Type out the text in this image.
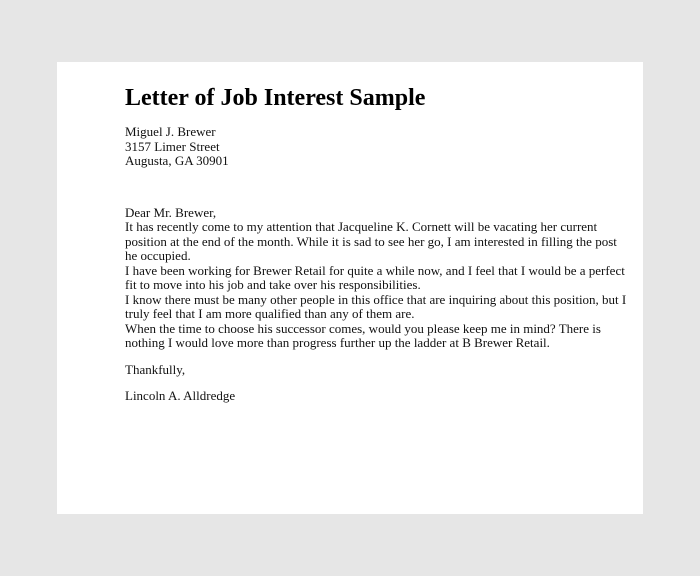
Letter of Job Interest Sample

Miguel J. Brewer

3157 Limer Street

Augusta, GA 30901

Dear Mr. Brewer,

It has recently come to my attention that Jacqueline K. Cornett will be vacating her current

position at the end of the month. While it is sad to see her go, I am interested in filling the post

he occupied.

I have been working for Brewer Retail for quite a while now, and I feel that I would be a perfect

fit to move into his job and take over his responsibilities.

I know there must be many other people in this office that are inquiring about this position, but I

truly feel that I am more qualified than any of them are.

When the time to choose his successor comes, would you please keep me in mind? There is

nothing I would love more than progress further up the ladder at B Brewer Retail.

Thankfully,

Lincoln A. Alldredge
